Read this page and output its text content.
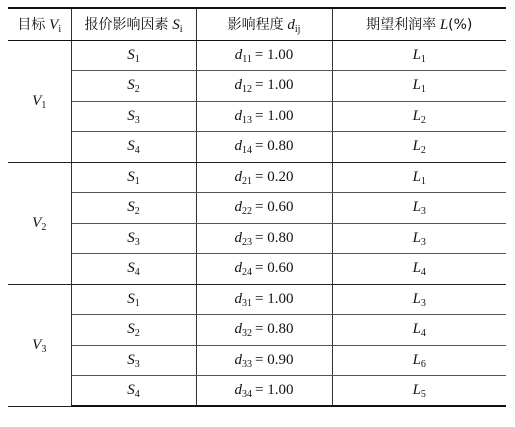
目标 $V_i$	报价影响因素 $S_i$	影响程度 $d_{ij}$	期望利润率 L(%)
$V_1$	$S_1$	$d_{11} = 1.00$	$L_1$
	$S_2$	$d_{12} = 1.00$	$L_1$
	$S_3$	$d_{13} = 1.00$	$L_2$
	$S_4$	$d_{14} = 0.80$	$L_2$
$V_2$	$S_1$	$d_{21} = 0.20$	$L_1$
	$S_2$	$d_{22} = 0.60$	$L_3$
	$S_3$	$d_{23} = 0.80$	$L_3$
	$S_4$	$d_{24} = 0.60$	$L_4$
$V_3$	$S_1$	$d_{31} = 1.00$	$L_3$
	$S_2$	$d_{32} = 0.80$	$L_4$
	$S_3$	$d_{33} = 0.90$	$L_6$
	$S_4$	$d_{34} = 1.00$	$L_5$
